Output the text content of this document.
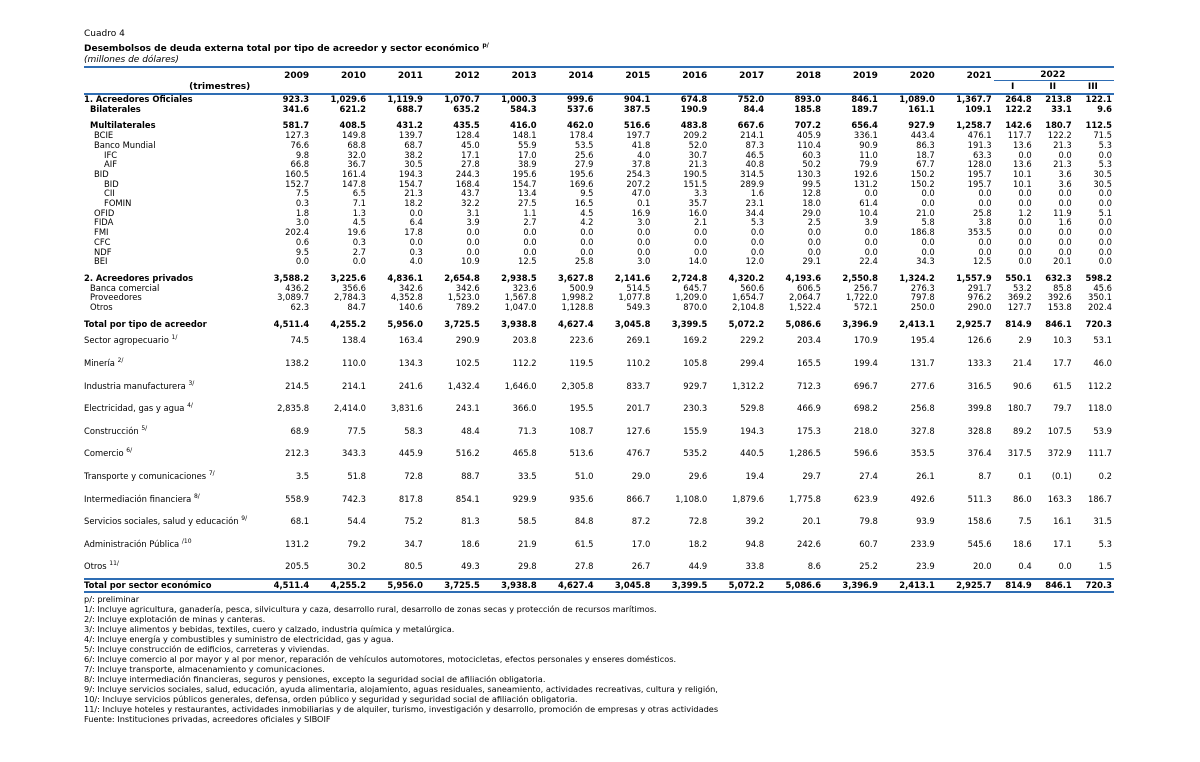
Cuadro 4
Desembolsos de deuda externa total por tipo de acreedor y sector económico $^{p/}$
(millones de dólares)
	2009	2010	2011	2012	2013	2014	2015	2016	2017	2018	2019	2020	2021	2022		
(trimestres)														I	II	III
1. Acreedores Oficiales	923.3	1,029.6	1,119.9	1,070.7	1,000.3	999.6	904.1	674.8	752.0	893.0	846.1	1,089.0	1,367.7	264.8	213.8	122.1
Bilaterales	341.6	621.2	688.7	635.2	584.3	537.6	387.5	190.9	84.4	185.8	189.7	161.1	109.1	122.2	33.1	9.6

Multilaterales	581.7	408.5	431.2	435.5	416.0	462.0	516.6	483.8	667.6	707.2	656.4	927.9	1,258.7	142.6	180.7	112.5
BCIE	127.3	149.8	139.7	128.4	148.1	178.4	197.7	209.2	214.1	405.9	336.1	443.4	476.1	117.7	122.2	71.5
Banco Mundial	76.6	68.8	68.7	45.0	55.9	53.5	41.8	52.0	87.3	110.4	90.9	86.3	191.3	13.6	21.3	5.3
IFC	9.8	32.0	38.2	17.1	17.0	25.6	4.0	30.7	46.5	60.3	11.0	18.7	63.3	0.0	0.0	0.0
AIF	66.8	36.7	30.5	27.8	38.9	27.9	37.8	21.3	40.8	50.2	79.9	67.7	128.0	13.6	21.3	5.3
BID	160.5	161.4	194.3	244.3	195.6	195.6	254.3	190.5	314.5	130.3	192.6	150.2	195.7	10.1	3.6	30.5
BID	152.7	147.8	154.7	168.4	154.7	169.6	207.2	151.5	289.9	99.5	131.2	150.2	195.7	10.1	3.6	30.5
CII	7.5	6.5	21.3	43.7	13.4	9.5	47.0	3.3	1.6	12.8	0.0	0.0	0.0	0.0	0.0	0.0
FOMIN	0.3	7.1	18.2	32.2	27.5	16.5	0.1	35.7	23.1	18.0	61.4	0.0	0.0	0.0	0.0	0.0
OFID	1.8	1.3	0.0	3.1	1.1	4.5	16.9	16.0	34.4	29.0	10.4	21.0	25.8	1.2	11.9	5.1
FIDA	3.0	4.5	6.4	3.9	2.7	4.2	3.0	2.1	5.3	2.5	3.9	5.8	3.8	0.0	1.6	0.0
FMI	202.4	19.6	17.8	0.0	0.0	0.0	0.0	0.0	0.0	0.0	0.0	186.8	353.5	0.0	0.0	0.0
CFC	0.6	0.3	0.0	0.0	0.0	0.0	0.0	0.0	0.0	0.0	0.0	0.0	0.0	0.0	0.0	0.0
NDF	9.5	2.7	0.3	0.0	0.0	0.0	0.0	0.0	0.0	0.0	0.0	0.0	0.0	0.0	0.0	0.0
BEI	0.0	0.0	4.0	10.9	12.5	25.8	3.0	14.0	12.0	29.1	22.4	34.3	12.5	0.0	20.1	0.0

2. Acreedores privados	3,588.2	3,225.6	4,836.1	2,654.8	2,938.5	3,627.8	2,141.6	2,724.8	4,320.2	4,193.6	2,550.8	1,324.2	1,557.9	550.1	632.3	598.2
Banca comercial	436.2	356.6	342.6	342.6	323.6	500.9	514.5	645.7	560.6	606.5	256.7	276.3	291.7	53.2	85.8	45.6
Proveedores	3,089.7	2,784.3	4,352.8	1,523.0	1,567.8	1,998.2	1,077.8	1,209.0	1,654.7	2,064.7	1,722.0	797.8	976.2	369.2	392.6	350.1
Otros	62.3	84.7	140.6	789.2	1,047.0	1,128.8	549.3	870.0	2,104.8	1,522.4	572.1	250.0	290.0	127.7	153.8	202.4

Total por tipo de acreedor	4,511.4	4,255.2	5,956.0	3,725.5	3,938.8	4,627.4	3,045.8	3,399.5	5,072.2	5,086.6	3,396.9	2,413.1	2,925.7	814.9	846.1	720.3
Sector agropecuario $^{1/}$	74.5	138.4	163.4	290.9	203.8	223.6	269.1	169.2	229.2	203.4	170.9	195.4	126.6	2.9	10.3	53.1
Minería $^{2/}$	138.2	110.0	134.3	102.5	112.2	119.5	110.2	105.8	299.4	165.5	199.4	131.7	133.3	21.4	17.7	46.0
Industria manufacturera $^{3/}$	214.5	214.1	241.6	1,432.4	1,646.0	2,305.8	833.7	929.7	1,312.2	712.3	696.7	277.6	316.5	90.6	61.5	112.2
Electricidad, gas y agua $^{4/}$	2,835.8	2,414.0	3,831.6	243.1	366.0	195.5	201.7	230.3	529.8	466.9	698.2	256.8	399.8	180.7	79.7	118.0
Construcción $^{5/}$	68.9	77.5	58.3	48.4	71.3	108.7	127.6	155.9	194.3	175.3	218.0	327.8	328.8	89.2	107.5	53.9
Comercio $^{6/}$	212.3	343.3	445.9	516.2	465.8	513.6	476.7	535.2	440.5	1,286.5	596.6	353.5	376.4	317.5	372.9	111.7
Transporte y comunicaciones $^{7/}$	3.5	51.8	72.8	88.7	33.5	51.0	29.0	29.6	19.4	29.7	27.4	26.1	8.7	0.1	(0.1)	0.2
Intermediación financiera $^{8/}$	558.9	742.3	817.8	854.1	929.9	935.6	866.7	1,108.0	1,879.6	1,775.8	623.9	492.6	511.3	86.0	163.3	186.7
Servicios sociales, salud y educación $^{9/}$	68.1	54.4	75.2	81.3	58.5	84.8	87.2	72.8	39.2	20.1	79.8	93.9	158.6	7.5	16.1	31.5
Administración Pública $^{/10}$	131.2	79.2	34.7	18.6	21.9	61.5	17.0	18.2	94.8	242.6	60.7	233.9	545.6	18.6	17.1	5.3
Otros $^{11/}$	205.5	30.2	80.5	49.3	29.8	27.8	26.7	44.9	33.8	8.6	25.2	23.9	20.0	0.4	0.0	1.5
Total por sector económico	4,511.4	4,255.2	5,956.0	3,725.5	3,938.8	4,627.4	3,045.8	3,399.5	5,072.2	5,086.6	3,396.9	2,413.1	2,925.7	814.9	846.1	720.3
p/: preliminar
1/: Incluye agricultura, ganadería, pesca, silvicultura y caza, desarrollo rural, desarrollo de zonas secas y protección de recursos marítimos.
2/: Incluye explotación de minas y canteras.
3/: Incluye alimentos y bebidas, textiles, cuero y calzado, industria química y metalúrgica.
4/: Incluye energía y combustibles y suministro de electricidad, gas y agua.
5/: Incluye construcción de edificios, carreteras y viviendas.
6/: Incluye comercio al por mayor y al por menor, reparación de vehículos automotores, motocicletas, efectos personales y enseres domésticos.
7/: Incluye transporte, almacenamiento y comunicaciones.
8/: Incluye intermediación financieras, seguros y pensiones, excepto la seguridad social de afiliación obligatoria.
9/: Incluye servicios sociales, salud, educación, ayuda alimentaria, alojamiento, aguas residuales, saneamiento, actividades recreativas, cultura y religión,
10/: Incluye servicios públicos generales, defensa, orden público y seguridad y seguridad social de afiliación obligatoria.
11/: Incluye hoteles y restaurantes, actividades inmobiliarias y de alquiler, turismo, investigación y desarrollo, promoción de empresas y otras actividades
Fuente: Instituciones privadas, acreedores oficiales y SIBOIF
